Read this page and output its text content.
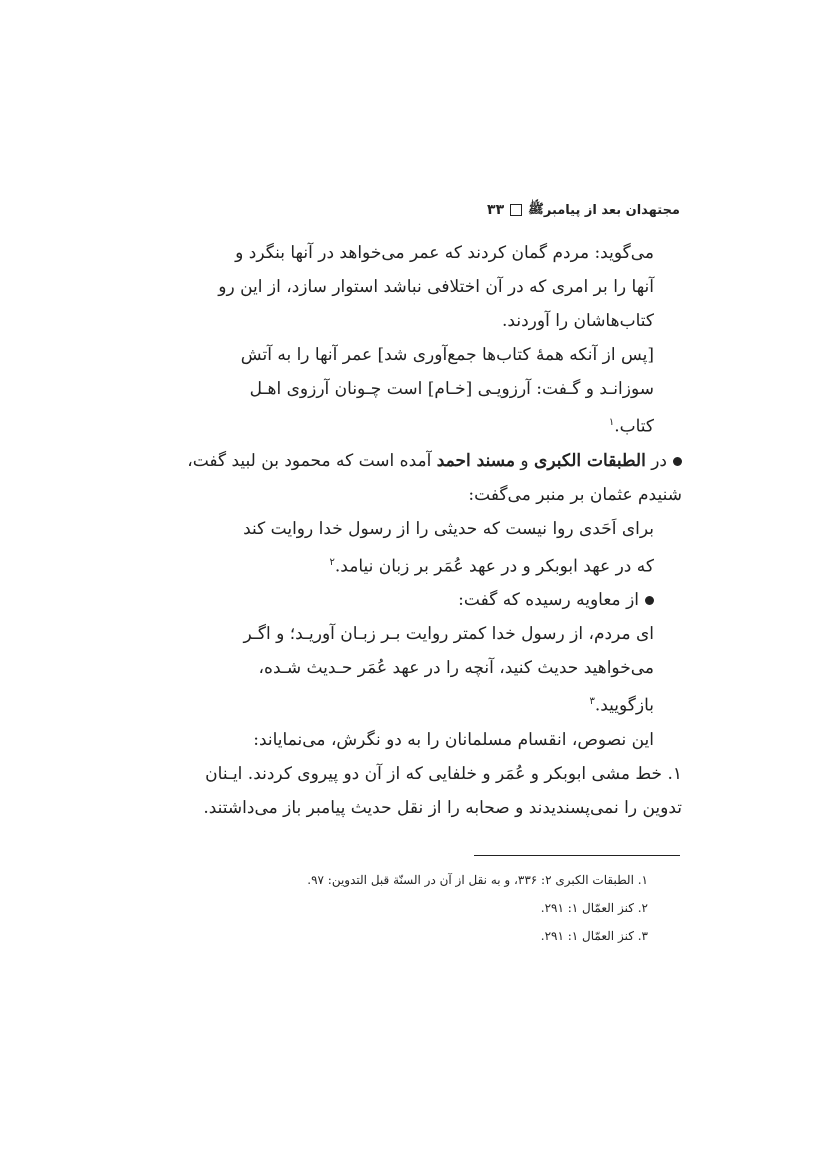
مجتهدان بعد از پیامبر
ﷺ
۳۳
می‌گوید: مردم گمان کردند که عمر می‌خواهد در آنها بنگرد و
آنها را بر امری که در آن اختلافی نباشد استوار سازد، از این رو
کتاب‌هاشان را آوردند.
[پس از آنکه همهٔ کتاب‌ها جمع‌آوری شد] عمر آنها را به آتش
سوزانـد و گـفت: آرزویـی [خـام] است چـونان آرزوی اهـل
کتاب.$^۱$
در الطبقات الکبری و مسند احمد آمده است که محمود بن لبید گفت،
شنیدم عثمان بر منبر می‌گفت:
برای اَحَدی روا نیست که حدیثی را از رسول خدا روایت کند
که در عهد ابوبکر و در عهد عُمَر بر زبان نیامد.$^۲$
از معاویه رسیده که گفت:
ای مردم، از رسول خدا کمتر روایت بـر زبـان آوریـد؛ و اگـر
می‌خواهید حدیث کنید، آنچه را در عهد عُمَر حـدیث شـده،
بازگویید.$^۳$
این نصوص، انقسام مسلمانان را به دو نگرش، می‌نمایاند:
۱. خط مشی ابوبکر و عُمَر و خلفایی که از آن دو پیروی کردند. ایـنان
تدوین را نمی‌پسندیدند و صحابه را از نقل حدیث پیامبر باز می‌داشتند.
۱. الطبقات الکبری ۲: ۳۳۶، و به نقل از آن در السنّة قبل التدوین: ۹۷.
۲. کنز العمّال ۱: ۲۹۱.
۳. کنز العمّال ۱: ۲۹۱.
